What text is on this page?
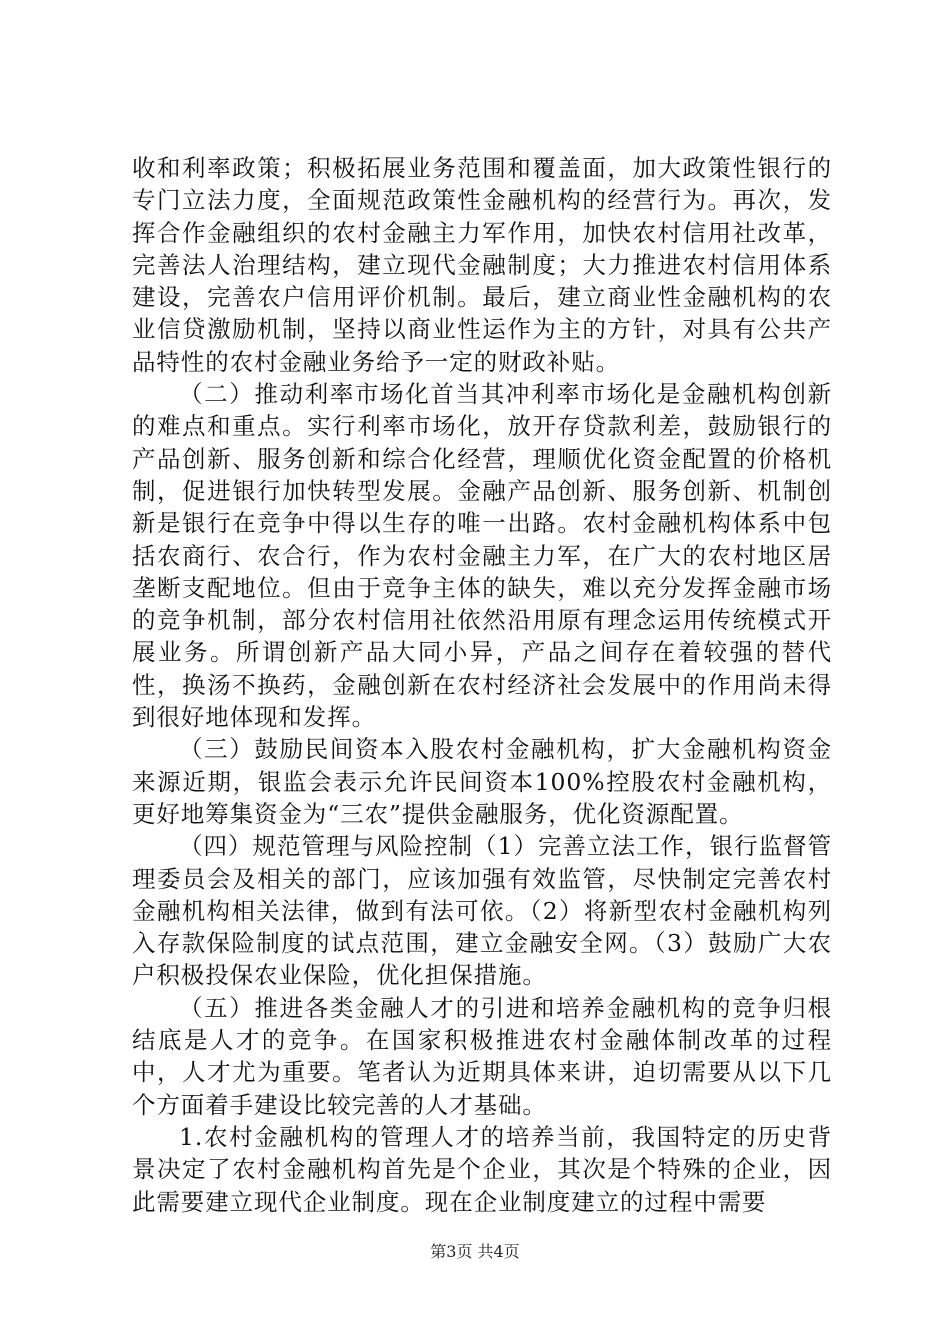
收和利率政策；积极拓展业务范围和覆盖面，加大政策性银行的专门立法力度，全面规范政策性金融机构的经营行为。再次，发挥合作金融组织的农村金融主力军作用，加快农村信用社改革，完善法人治理结构，建立现代金融制度；大力推进农村信用体系建设，完善农户信用评价机制。最后，建立商业性金融机构的农业信贷激励机制，坚持以商业性运作为主的方针，对具有公共产品特性的农村金融业务给予一定的财政补贴。

（二）推动利率市场化首当其冲利率市场化是金融机构创新的难点和重点。实行利率市场化，放开存贷款利差，鼓励银行的产品创新、服务创新和综合化经营，理顺优化资金配置的价格机制，促进银行加快转型发展。金融产品创新、服务创新、机制创新是银行在竞争中得以生存的唯一出路。农村金融机构体系中包括农商行、农合行，作为农村金融主力军，在广大的农村地区居垄断支配地位。但由于竞争主体的缺失，难以充分发挥金融市场的竞争机制，部分农村信用社依然沿用原有理念运用传统模式开展业务。所谓创新产品大同小异，产品之间存在着较强的替代性，换汤不换药，金融创新在农村经济社会发展中的作用尚未得到很好地体现和发挥。

（三）鼓励民间资本入股农村金融机构，扩大金融机构资金来源近期，银监会表示允许民间资本100%控股农村金融机构，更好地筹集资金为“三农”提供金融服务，优化资源配置。

（四）规范管理与风险控制（1）完善立法工作，银行监督管理委员会及相关的部门，应该加强有效监管，尽快制定完善农村金融机构相关法律，做到有法可依。（2）将新型农村金融机构列入存款保险制度的试点范围，建立金融安全网。（3）鼓励广大农户积极投保农业保险，优化担保措施。

（五）推进各类金融人才的引进和培养金融机构的竞争归根结底是人才的竞争。在国家积极推进农村金融体制改革的过程中，人才尤为重要。笔者认为近期具体来讲，迫切需要从以下几个方面着手建设比较完善的人才基础。

1.农村金融机构的管理人才的培养当前，我国特定的历史背景决定了农村金融机构首先是个企业，其次是个特殊的企业，因此需要建立现代企业制度。现在企业制度建立的过程中需要

第3页 共4页
